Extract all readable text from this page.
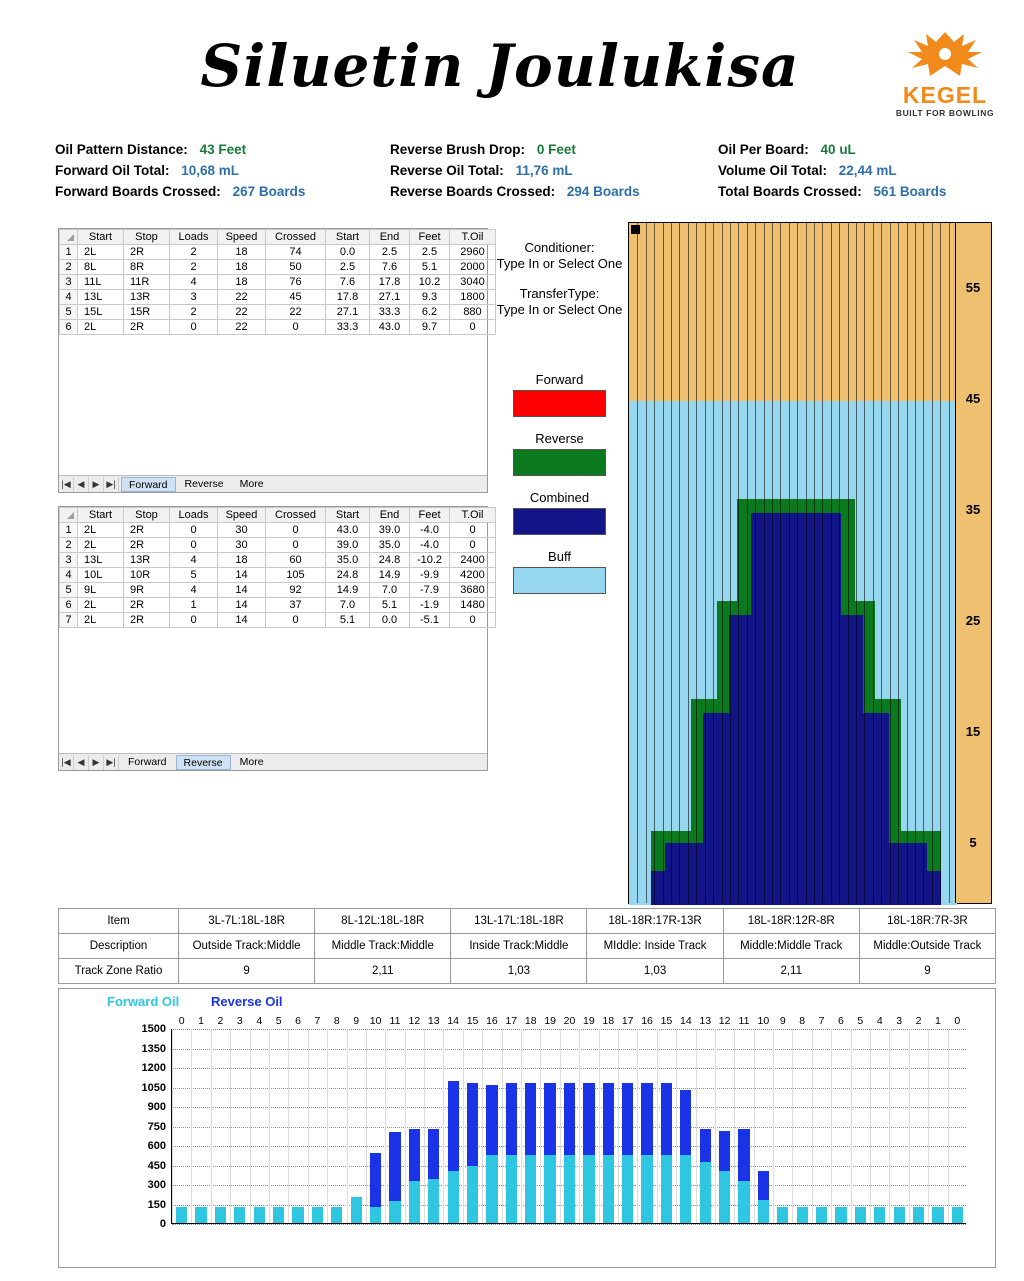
Siluetin Joulukisa	KEGEL
BUILT FOR BOWLING
Oil Pattern Distance: 43 Feet	Reverse Brush Drop: 0 Feet	Oil Per Board: 40 uL
Forward Oil Total: 10,68 mL	Reverse Oil Total: 11,76 mL	Volume Oil Total: 22,44 mL
Forward Boards Crossed: 267 Boards	Reverse Boards Crossed: 294 Boards	Total Boards Crossed: 561 Boards
	Start	Stop	Loads	Speed	Crossed	Start	End	Feet	T.Oil
1	2L	2R	2	18	74	0.0	2.5	2.5	2960
2	8L	8R	2	18	50	2.5	7.6	5.1	2000
3	11L	11R	4	18	76	7.6	17.8	10.2	3040
4	13L	13R	3	22	45	17.8	27.1	9.3	1800
5	15L	15R	2	22	22	27.1	33.3	6.2	880
6	2L	2R	0	22	0	33.3	43.0	9.7	0
|◀ ◀ ▶ ▶|	Forward	Reverse	More
	Start	Stop	Loads	Speed	Crossed	Start	End	Feet	T.Oil
1	2L	2R	0	30	0	43.0	39.0	-4.0	0
2	2L	2R	0	30	0	39.0	35.0	-4.0	0
3	13L	13R	4	18	60	35.0	24.8	-10.2	2400
4	10L	10R	5	14	105	24.8	14.9	-9.9	4200
5	9L	9R	4	14	92	14.9	7.0	-7.9	3680
6	2L	2R	1	14	37	7.0	5.1	-1.9	1480
7	2L	2R	0	14	0	5.1	0.0	-5.1	0
|◀ ◀ ▶ ▶|	Forward	Reverse	More
Conditioner:
Type In or Select One
TransferType:
Type In or Select One
Forward
Reverse
Combined
Buff
55
45
35
25
15
5
Item	3L-7L:18L-18R	8L-12L:18L-18R	13L-17L:18L-18R	18L-18R:17R-13R	18L-18R:12R-8R	18L-18R:7R-3R
Description	Outside Track:Middle	Middle Track:Middle	Inside Track:Middle	MIddle: Inside Track	Middle:Middle Track	Middle:Outside Track
Track Zone Ratio	9	2,11	1,03	1,03	2,11	9
Forward Oil Reverse Oil
0
150
300
450
600
750
900
1050
1200
1350
1500
0	1	2	3	4	5	6	7	8	9	10 11 12 13 14 15 16 17 18 19 20 19 18 17 16 15 14 13 12 11 10	9	8	7	6	5	4	3	2	1	0
